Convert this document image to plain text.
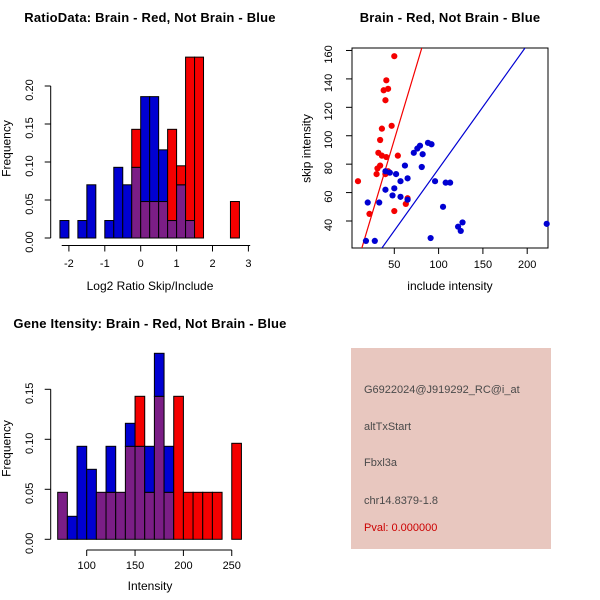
0.00
0.05
0.10
0.15
0.20
-2 -1	0	1	2	3
RatioData: Brain - Red, Not Brain - Blue
Log2 Ratio Skip/Include
Frequency
50	100 150 200
40
60
80
100
120
140
160
Brain - Red, Not Brain - Blue
include intensity
skip intensity
0.00
0.05
0.10
0.15
100	150	200	250
Gene Itensity: Brain - Red, Not Brain - Blue
Intensity
Frequency
G6922024@J919292_RC@i_at
altTxStart
Fbxl3a
chr14.8379-1.8
Pval: 0.000000
